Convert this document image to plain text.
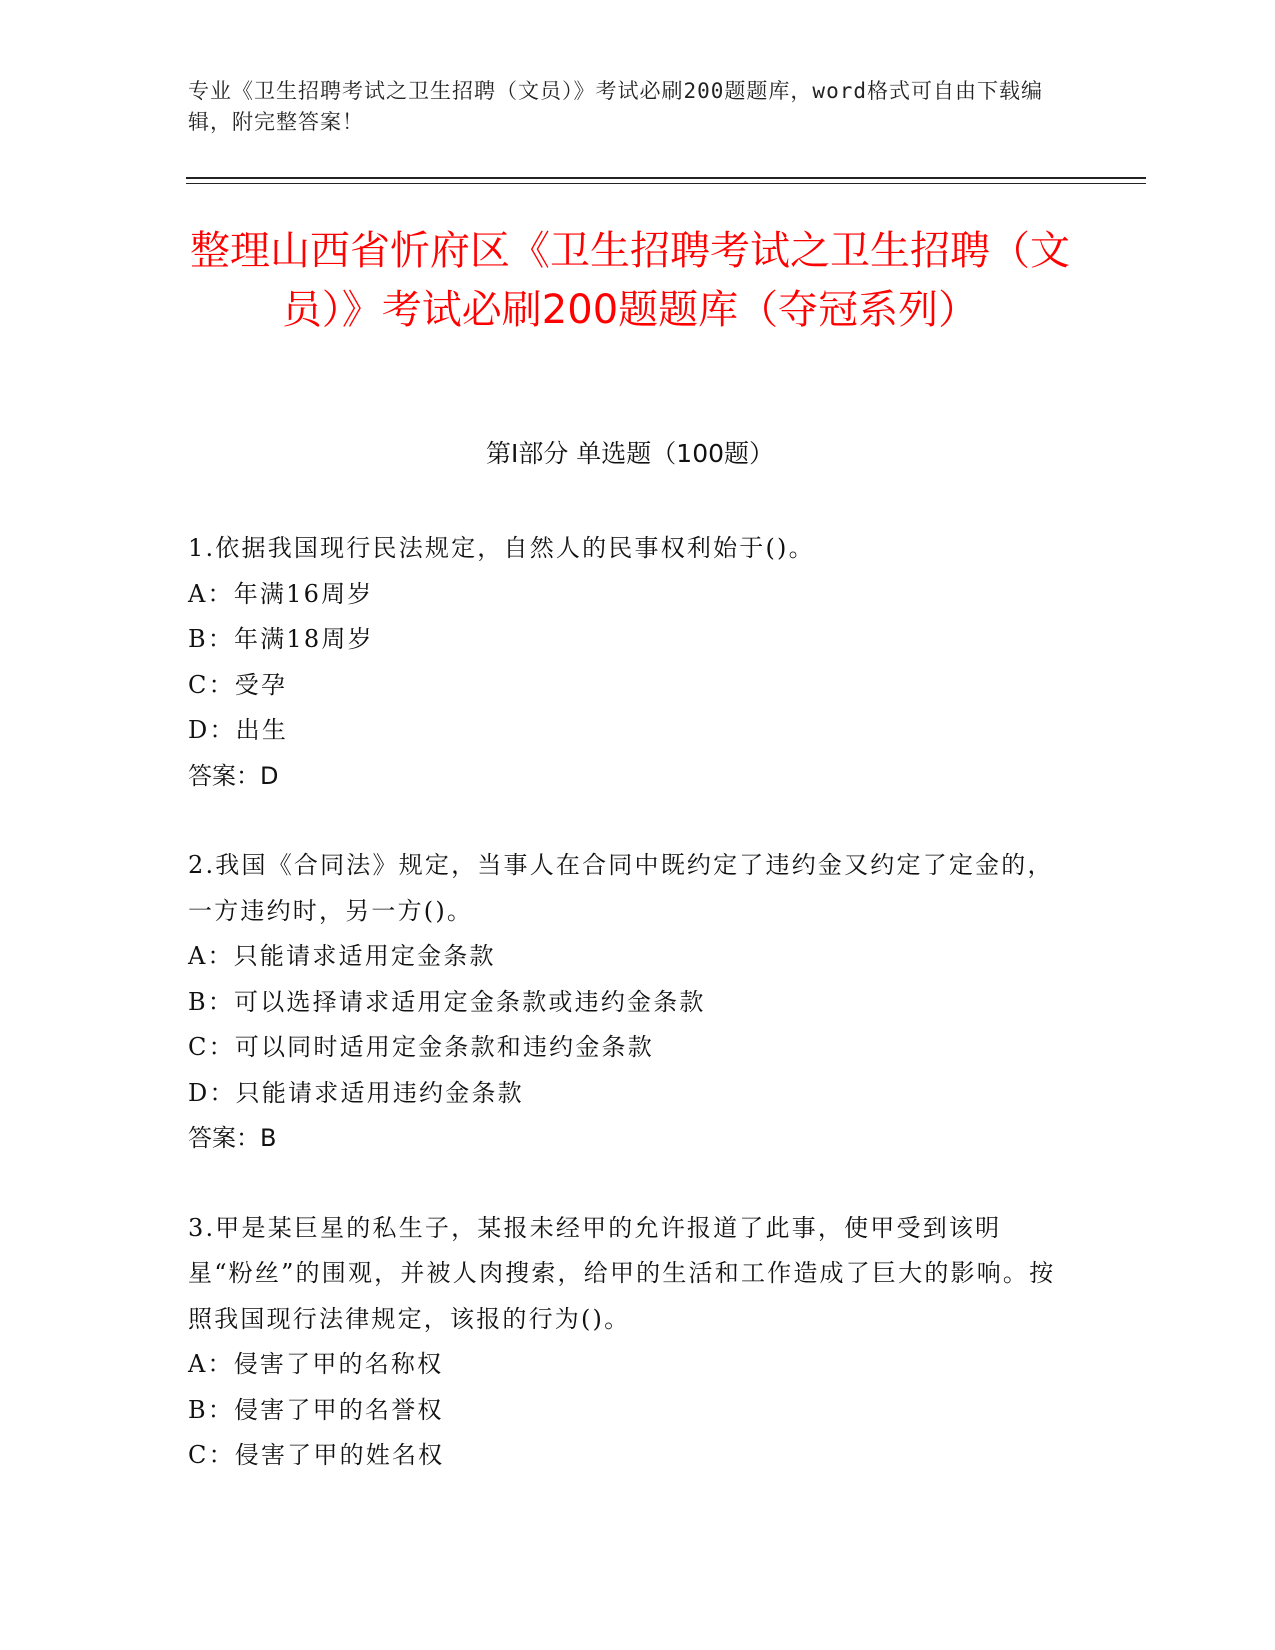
专业《卫生招聘考试之卫生招聘（文员）》考试必刷200题题库，word格式可自由下载编辑，附完整答案！
整理山西省忻府区《卫生招聘考试之卫生招聘（文员）》考试必刷200题题库（夺冠系列）
第I部分 单选题（100题）

1.依据我国现行民法规定，自然人的民事权利始于()。

A：年满16周岁

B：年满18周岁

C：受孕

D：出生

答案：D

2.我国《合同法》规定，当事人在合同中既约定了违约金又约定了定金的，一方违约时，另一方()。

A：只能请求适用定金条款

B：可以选择请求适用定金条款或违约金条款

C：可以同时适用定金条款和违约金条款

D：只能请求适用违约金条款

答案：B

3.甲是某巨星的私生子，某报未经甲的允许报道了此事，使甲受到该明星“粉丝”的围观，并被人肉搜索，给甲的生活和工作造成了巨大的影响。按照我国现行法律规定，该报的行为()。

A：侵害了甲的名称权

B：侵害了甲的名誉权

C：侵害了甲的姓名权
